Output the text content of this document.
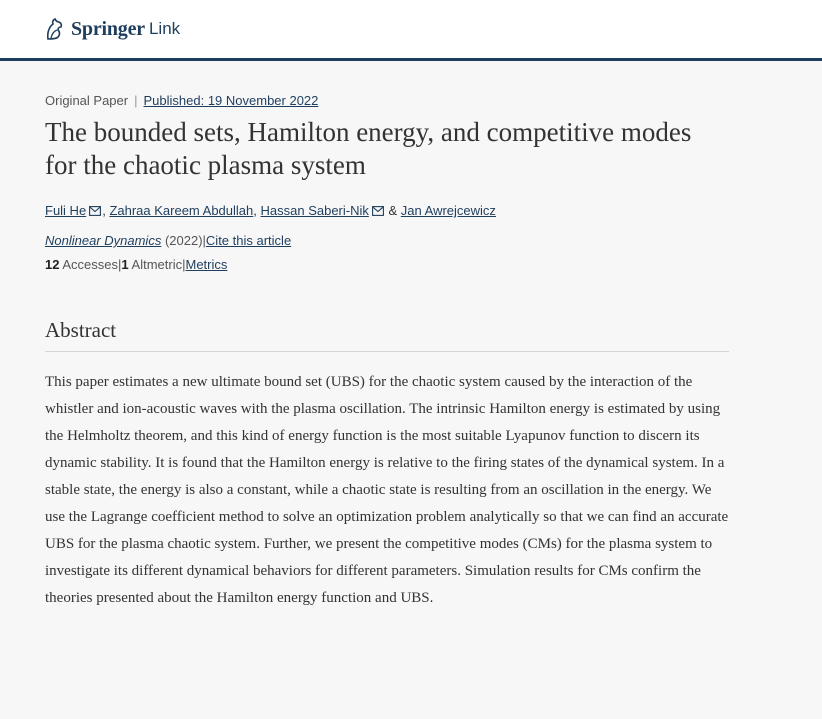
Springer Link
Original Paper | Published: 19 November 2022
The bounded sets, Hamilton energy, and competitive modes for the chaotic plasma system
Fuli He , Zahraa Kareem Abdullah, Hassan Saberi-Nik & Jan Awrejcewicz
Nonlinear Dynamics (2022)|Cite this article
12 Accesses|1 Altmetric|Metrics
Abstract

This paper estimates a new ultimate bound set (UBS) for the chaotic system caused by the interaction of the whistler and ion-acoustic waves with the plasma oscillation. The intrinsic Hamilton energy is estimated by using the Helmholtz theorem, and this kind of energy function is the most suitable Lyapunov function to discern its dynamic stability. It is found that the Hamilton energy is relative to the firing states of the dynamical system. In a stable state, the energy is also a constant, while a chaotic state is resulting from an oscillation in the energy. We use the Lagrange coefficient method to solve an optimization problem analytically so that we can find an accurate UBS for the plasma chaotic system. Further, we present the competitive modes (CMs) for the plasma system to investigate its different dynamical behaviors for different parameters. Simulation results for CMs confirm the theories presented about the Hamilton energy function and UBS.
